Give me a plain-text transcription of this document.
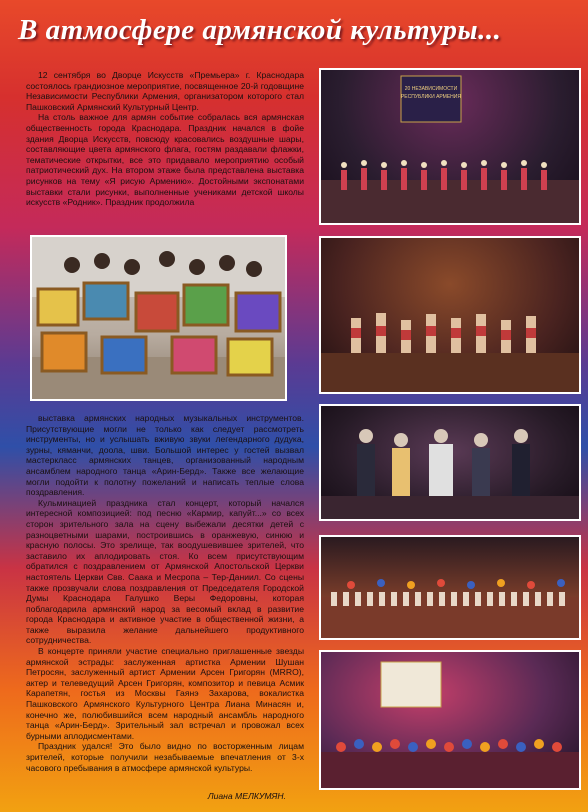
В атмосфере армянской культуры...

12 сентября во Дворце Искусств «Премьера» г. Краснодара состоялось грандиозное мероприятие, посвященное 20-й годовщине Независимости Республики Армения, организатором которого стал Пашковский Армянский Культурный Центр.

На столь важное для армян событие собралась вся армянская общественность города Краснодара. Праздник начался в фойе здания Дворца Искусств, повсюду красовались воздушные шары, составляющие цвета армянского флага, гостям раздавали флажки, тематические открытки, все это придавало мероприятию особый патриотический дух. На втором этаже была представлена выставка рисунков на тему «Я рисую Армению». Достойными экспонатами выставки стали рисунки, выполненные учениками детской школы искусств «Родник». Праздник продолжила

выставка армянских народных музыкальных инструментов. Присутствующие могли не только как следует рассмотреть инструменты, но и услышать вживую звуки легендарного дудука, зурны, кяманчи, доола, шви. Большой интерес у гостей вызвал мастеркласс армянских танцев, организованный народным ансамблем народного танца «Арин-Берд». Также все желающие могли подойти к полотну пожеланий и написать теплые слова поздравления.

Кульминацией праздника стал концерт, который начался интересной композицией: под песню «Кармир, капуйт...» со всех сторон зрительного зала на сцену выбежали десятки детей с разноцветными шарами, построившись в оранжевую, синюю и красную полосы. Это зрелище, так воодушевившее зрителей, что заставило их аплодировать стоя. Ко всем присутствующим обратился с поздравлением от Армянской Апостольской Церкви настоятель Церкви Свв. Саака и Месропа – Тер-Даниил. Со сцены также прозвучали слова поздравления от Председателя Городской Думы Краснодара Галушко Веры Федоровны, которая поблагодарила армянский народ за весомый вклад в развитие города Краснодара и активное участие в общественной жизни, а также выразила желание дальнейшего продуктивного сотрудничества.

В концерте приняли участие специально приглашенные звезды армянской эстрады: заслуженная артистка Армении Шушан Петросян, заслуженный артист Армении Арсен Григорян (MRRO), актер и телеведущий Арсен Григорян, композитор и певица Асмик Карапетян, гостья из Москвы Гаянэ Захарова, вокалистка Пашковского Армянского Культурного Центра Лиана Минасян и, конечно же, полюбившийся всем народный ансамбль народного танца «Арин-Берд». Зрительный зал встречал и провожал всех бурными аплодисментами.

Праздник удался! Это было видно по восторженным лицам зрителей, которые получили незабываемые впечатления от 3-х часового пребывания в атмосфере армянской культуры.

Лиана МЕЛКУМЯН.
20 НЕЗАВИСИМОСТИ
РЕСПУБЛИКИ АРМЕНИЯ
